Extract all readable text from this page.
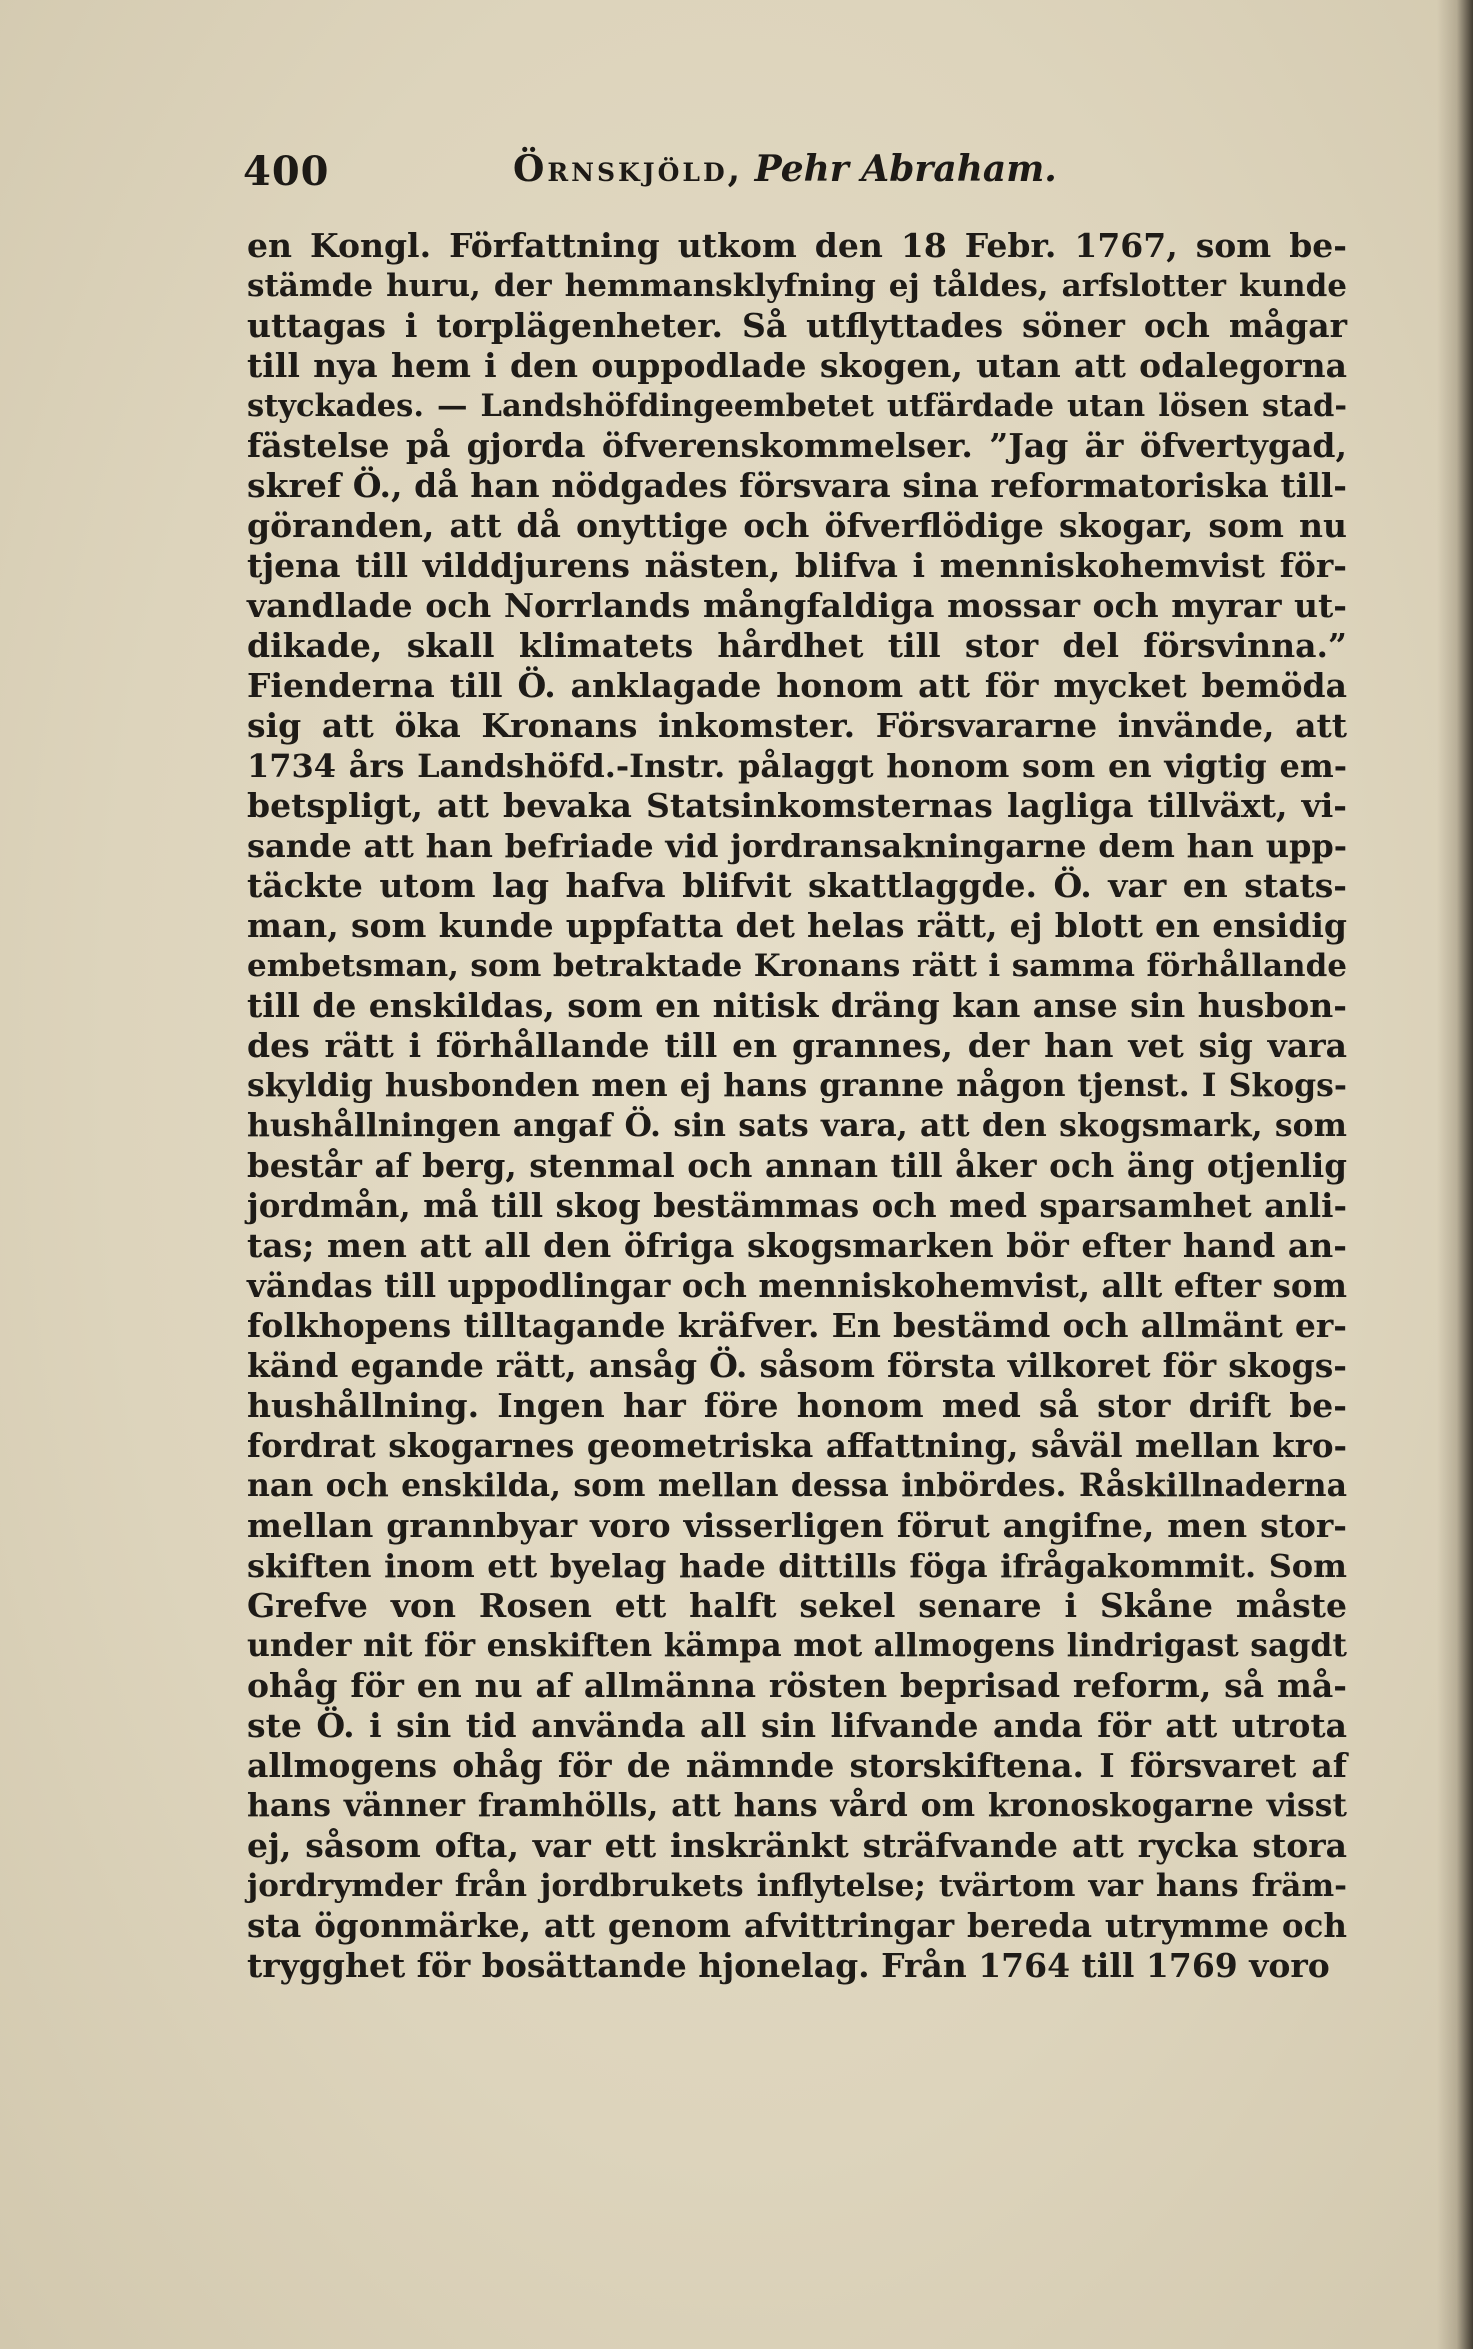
400	Örnskjöld, Pehr Abraham.
en Kongl. Författning utkom den 18 Febr. 1767, som be-
stämde huru, der hemmansklyfning ej tåldes, arfslotter kunde
uttagas i torplägenheter. Så utflyttades söner och mågar
till nya hem i den ouppodlade skogen, utan att odalegorna
styckades. — Landshöfdingeembetet utfärdade utan lösen stad-
fästelse på gjorda öfverenskommelser. ”Jag är öfvertygad,
skref Ö., då han nödgades försvara sina reformatoriska till-
göranden, att då onyttige och öfverflödige skogar, som nu
tjena till vilddjurens nästen, blifva i menniskohemvist för-
vandlade och Norrlands mångfaldiga mossar och myrar ut-
dikade, skall klimatets hårdhet till stor del försvinna.”
Fienderna till Ö. anklagade honom att för mycket bemöda
sig att öka Kronans inkomster. Försvararne invände, att
1734 års Landshöfd.-Instr. pålaggt honom som en vigtig em-
betspligt, att bevaka Statsinkomsternas lagliga tillväxt, vi-
sande att han befriade vid jordransakningarne dem han upp-
täckte utom lag hafva blifvit skattlaggde. Ö. var en stats-
man, som kunde uppfatta det helas rätt, ej blott en ensidig
embetsman, som betraktade Kronans rätt i samma förhållande
till de enskildas, som en nitisk dräng kan anse sin husbon-
des rätt i förhållande till en grannes, der han vet sig vara
skyldig husbonden men ej hans granne någon tjenst. I Skogs-
hushållningen angaf Ö. sin sats vara, att den skogsmark, som
består af berg, stenmal och annan till åker och äng otjenlig
jordmån, må till skog bestämmas och med sparsamhet anli-
tas; men att all den öfriga skogsmarken bör efter hand an-
vändas till uppodlingar och menniskohemvist, allt efter som
folkhopens tilltagande kräfver. En bestämd och allmänt er-
känd egande rätt, ansåg Ö. såsom första vilkoret för skogs-
hushållning. Ingen har före honom med så stor drift be-
fordrat skogarnes geometriska affattning, såväl mellan kro-
nan och enskilda, som mellan dessa inbördes. Råskillnaderna
mellan grannbyar voro visserligen förut angifne, men stor-
skiften inom ett byelag hade dittills föga ifrågakommit. Som
Grefve von Rosen ett halft sekel senare i Skåne måste
under nit för enskiften kämpa mot allmogens lindrigast sagdt
ohåg för en nu af allmänna rösten beprisad reform, så må-
ste Ö. i sin tid använda all sin lifvande anda för att utrota
allmogens ohåg för de nämnde storskiftena. I försvaret af
hans vänner framhölls, att hans vård om kronoskogarne visst
ej, såsom ofta, var ett inskränkt sträfvande att rycka stora
jordrymder från jordbrukets inflytelse; tvärtom var hans främ-
sta ögonmärke, att genom afvittringar bereda utrymme och
trygghet för bosättande hjonelag. Från 1764 till 1769 voro
